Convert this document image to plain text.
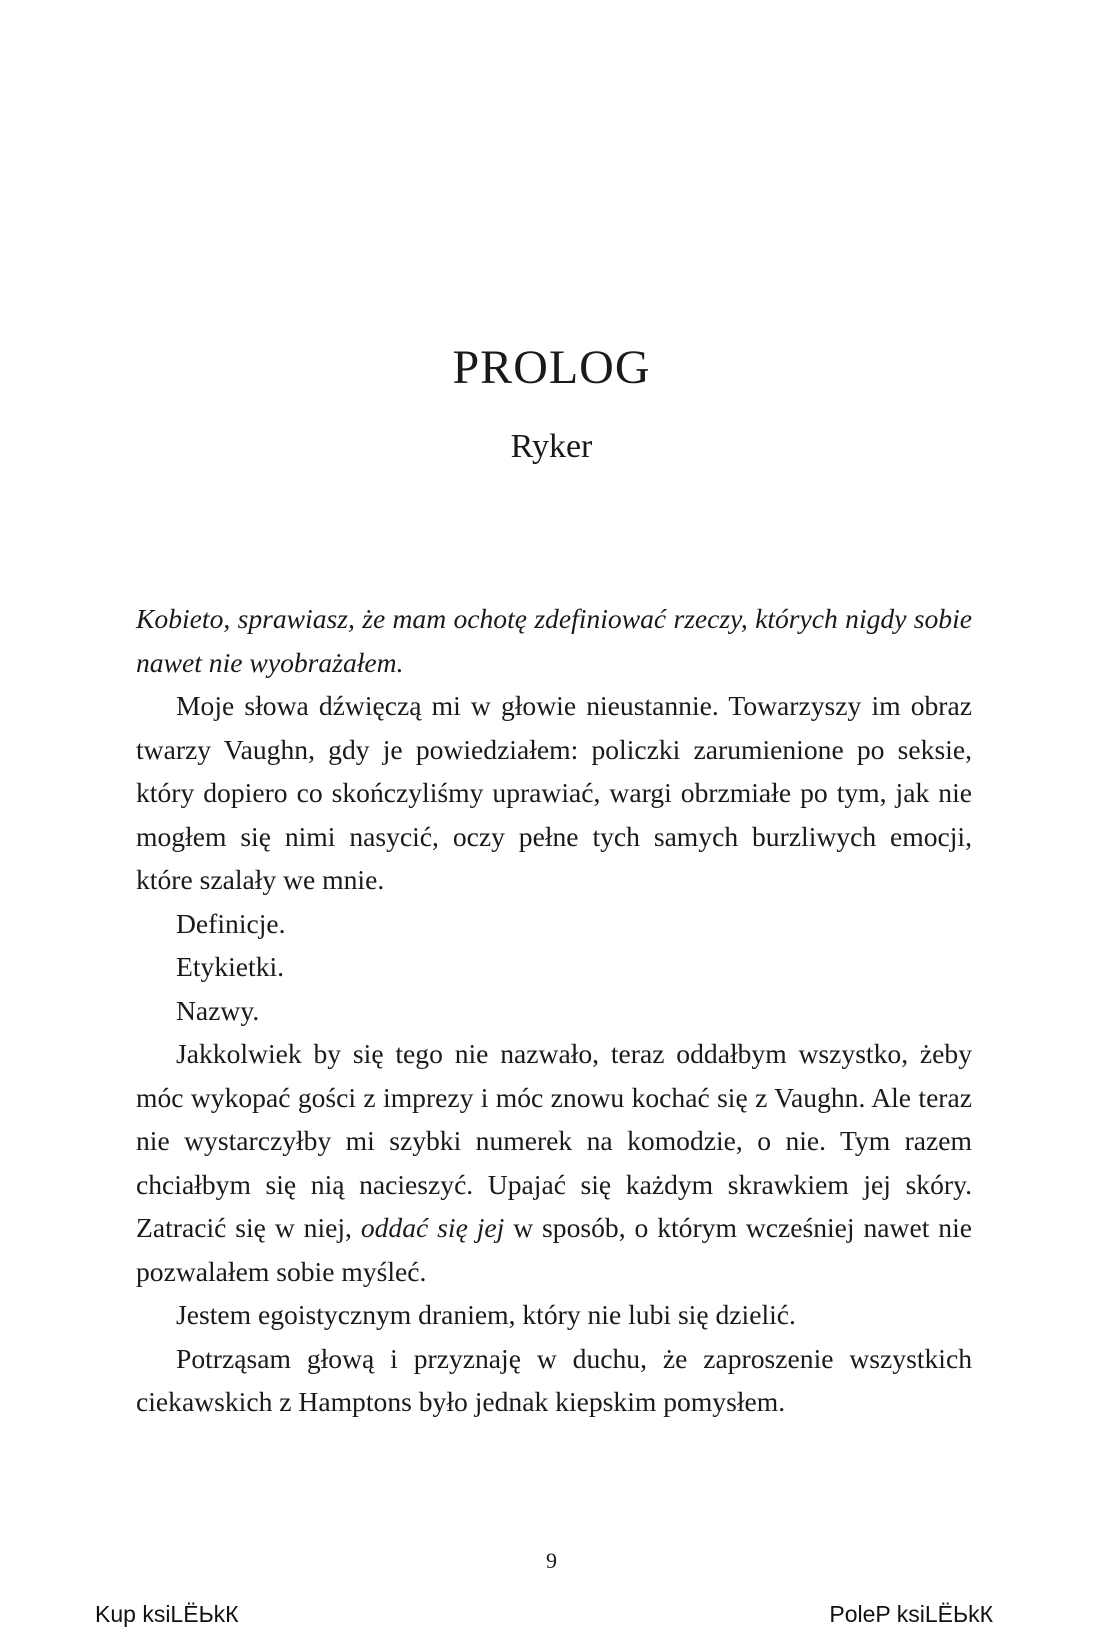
PROLOG
Ryker

Kobieto, sprawiasz, że mam ochotę zdefiniować rzeczy, których nigdy sobie nawet nie wyobrażałem.

Moje słowa dźwięczą mi w głowie nieustannie. Towarzyszy im obraz twarzy Vaughn, gdy je powiedziałem: policzki zarumienione po seksie, który dopiero co skończyliśmy uprawiać, wargi obrzmiałe po tym, jak nie mogłem się nimi nasycić, oczy pełne tych samych burzliwych emocji, które szalały we mnie.

Definicje.

Etykietki.

Nazwy.

Jakkolwiek by się tego nie nazwało, teraz oddałbym wszystko, żeby móc wykopać gości z imprezy i móc znowu kochać się z Vaughn. Ale teraz nie wystarczyłby mi szybki numerek na komodzie, o nie. Tym razem chciałbym się nią nacieszyć. Upajać się każdym skrawkiem jej skóry. Zatracić się w niej, oddać się jej w sposób, o którym wcześniej nawet nie pozwalałem sobie myśleć.

Jestem egoistycznym draniem, który nie lubi się dzielić.

Potrząsam głową i przyznaję w duchu, że zaproszenie wszystkich ciekawskich z Hamptons było jednak kiepskim pomysłem.

9
Kup ksiLЁЬkК	PoleP ksiLЁЬkК
